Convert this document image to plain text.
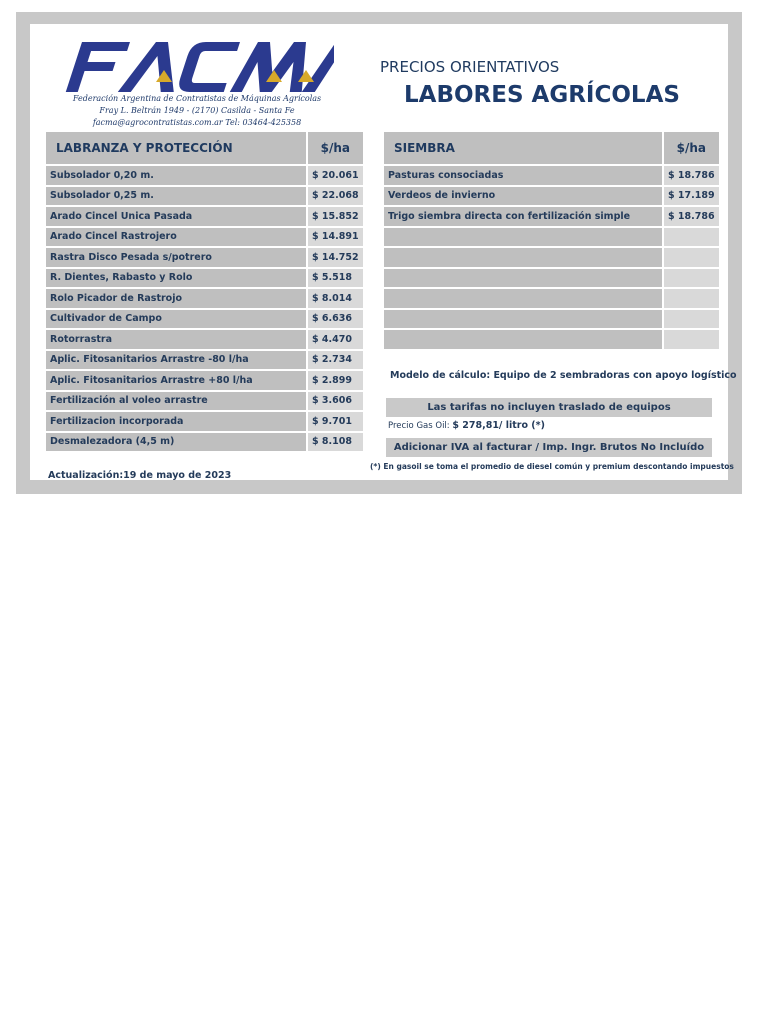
Federación Argentina de Contratistas de Máquinas Agrícolas
Fray L. Beltrán 1949 - (2170) Casilda - Santa Fe
facma@agrocontratistas.com.ar Tel: 03464-425358
PRECIOS ORIENTATIVOS
LABORES AGRÍCOLAS
LABRANZA Y PROTECCIÓN	$/ha
Subsolador 0,20 m.	$ 20.061
Subsolador 0,25 m.	$ 22.068
Arado Cincel Unica Pasada	$ 15.852
Arado Cincel Rastrojero	$ 14.891
Rastra Disco Pesada s/potrero	$ 14.752
R. Dientes, Rabasto y Rolo	$ 5.518
Rolo Picador de Rastrojo	$ 8.014
Cultivador de Campo	$ 6.636
Rotorrastra	$ 4.470
Aplic. Fitosanitarios Arrastre -80 l/ha	$ 2.734
Aplic. Fitosanitarios Arrastre +80 l/ha	$ 2.899
Fertilización al voleo arrastre	$ 3.606
Fertilizacion incorporada	$ 9.701
Desmalezadora (4,5 m)	$ 8.108
SIEMBRA	$/ha
Pasturas consociadas	$ 18.786
Verdeos de invierno	$ 17.189
Trigo siembra directa con fertilización simple	$ 18.786

Modelo de cálculo: Equipo de 2 sembradoras con apoyo logístico
Las tarifas no incluyen traslado de equipos
Precio Gas Oil: $ 278,81/ litro (*)
Adicionar IVA al facturar / Imp. Ingr. Brutos No Incluído
(*) En gasoil se toma el promedio de diesel común y premium descontando impuestos
Actualización:19 de mayo de 2023
